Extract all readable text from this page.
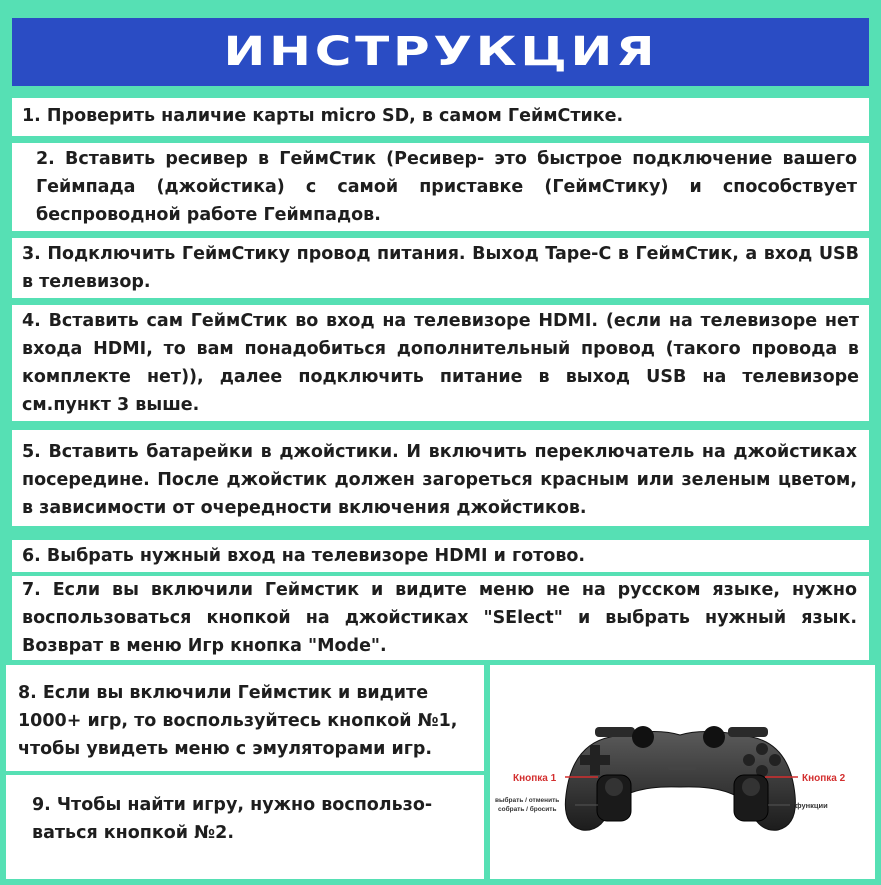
ИНСТРУКЦИЯ

1. Проверить наличие карты micro SD, в самом ГеймСтике.

2. Вставить ресивер в ГеймСтик (Ресивер- это быстрое подключение вашего Геймпада (джойстика) с самой приставке (ГеймСтику) и способствует беспроводной работе Геймпадов.

3. Подключить ГеймСтику провод питания. Выход Tape-C в ГеймСтик, а вход USB в телевизор.

4. Вставить сам ГеймСтик во вход на телевизоре HDMI. (если на телевизоре нет входа HDMI, то вам понадобиться дополнительный провод (такого провода в комплекте нет)), далее подключить питание в выход USB на телевизоре см.пункт 3 выше.

5. Вставить батарейки в джойстики. И включить переключатель на джойстиках посередине. После джойстик должен загореться красным или зеленым цветом, в зависимости от очередности включения джойстиков.

6. Выбрать нужный вход на телевизоре HDMI и готово.

7. Если вы включили Геймстик и видите меню не на русском языке, нужно воспользоваться кнопкой на джойстиках "SElect" и выбрать нужный язык. Возврат в меню Игр кнопка "Mode".

8. Если вы включили Геймстик и видите 1000+ игр, то воспользуйтесь кнопкой №1, чтобы увидеть меню с эмуляторами игр.

9. Чтобы найти игру, нужно воспользо-ваться кнопкой №2.

Кнопка 1	Кнопка 2
выбрать / отменить
собрать / бросить	функции
